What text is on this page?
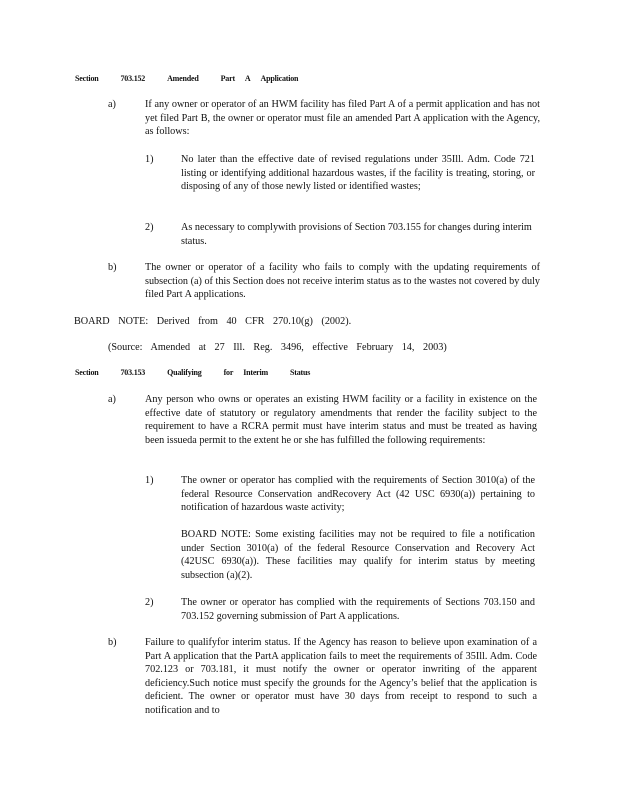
Section	703.152	Amended	Part A Application
a)	If any owner or operator of an HWM facility has filed Part A of a permit application and has not yet filed Part B, the owner or operator must file an amended Part A application with the Agency, as follows:

1)	No later than the effective date of revised regulations under 35Ill. Adm. Code 721 listing or identifying additional hazardous wastes, if the facility is treating, storing, or disposing of any of those newly listed or identified wastes;

2)	As necessary to complywith provisions of Section 703.155 for changes during interim status.

b)	The owner or operator of a facility who fails to comply with the updating requirements of subsection (a) of this Section does not receive interim status as to the wastes not covered by duly filed Part A applications.

BOARD NOTE: Derived from 40 CFR 270.10(g) (2002).
(Source: Amended at 27 Ill. Reg. 3496, effective February 14, 2003)
Section	703.153	Qualifying	for Interim	Status
a)	Any person who owns or operates an existing HWM facility or a facility in existence on the effective date of statutory or regulatory amendments that render the facility subject to the requirement to have a RCRA permit must have interim status and must be treated as having been issueda permit to the extent he or she has fulfilled the following requirements:

1)	The owner or operator has complied with the requirements of Section 3010(a) of the federal Resource Conservation andRecovery Act (42 USC 6930(a)) pertaining to notification of hazardous waste activity;

BOARD NOTE: Some existing facilities may not be required to file a notification under Section 3010(a) of the federal Resource Conservation and Recovery Act (42USC 6930(a)). These facilities may qualify for interim status by meeting subsection (a)(2).

2)	The owner or operator has complied with the requirements of Sections 703.150 and 703.152 governing submission of Part A applications.

b)	Failure to qualifyfor interim status. If the Agency has reason to believe upon examination of a Part A application that the PartA application fails to meet the requirements of 35Ill. Adm. Code 702.123 or 703.181, it must notify the owner or operator inwriting of the apparent deficiency.Such notice must specify the grounds for the Agency’s belief that the application is deficient. The owner or operator must have 30 days from receipt to respond to such a notification and to
